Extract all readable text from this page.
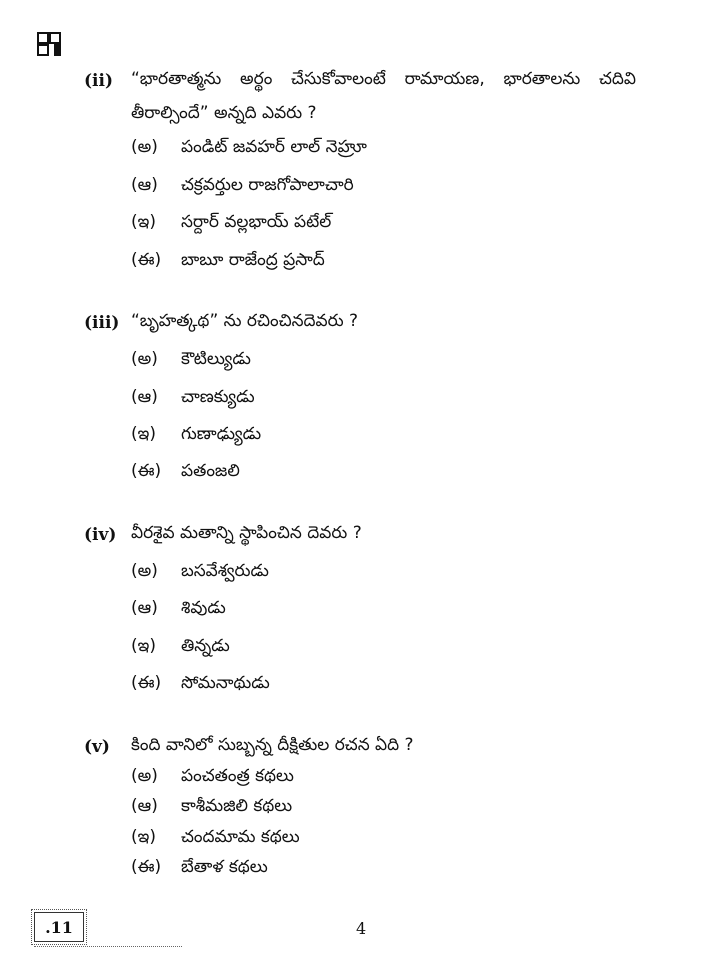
(ii) “భారతాత్మను అర్థం చేసుకోవాలంటే రామాయణ, భారతాలను చదివి తీరాల్సిందే” అన్నది ఎవరు ?
(అ) పండిట్ జవహర్ లాల్ నెహ్రూ
(ఆ) చక్రవర్తుల రాజగోపాలాచారి
(ఇ) సర్దార్ వల్లభాయ్ పటేల్
(ఈ) బాబూ రాజేంద్ర ప్రసాద్
(iii) “బృహత్కథ” ను రచించినదెవరు ?
(అ) కౌటిల్యుడు
(ఆ) చాణక్యుడు
(ఇ) గుణాఢ్యుడు
(ఈ) పతంజలి
(iv) వీరశైవ మతాన్ని స్థాపించిన దెవరు ?
(అ) బసవేశ్వరుడు
(ఆ) శివుడు
(ఇ) తిన్నడు
(ఈ) సోమనాథుడు
(v) కింది వానిలో సుబ్బన్న దీక్షితుల రచన ఏది ?
(అ) పంచతంత్ర కథలు
(ఆ) కాశీమజిలి కథలు
(ఇ) చందమామ కథలు
(ఈ) బేతాళ కథలు
.11	4
